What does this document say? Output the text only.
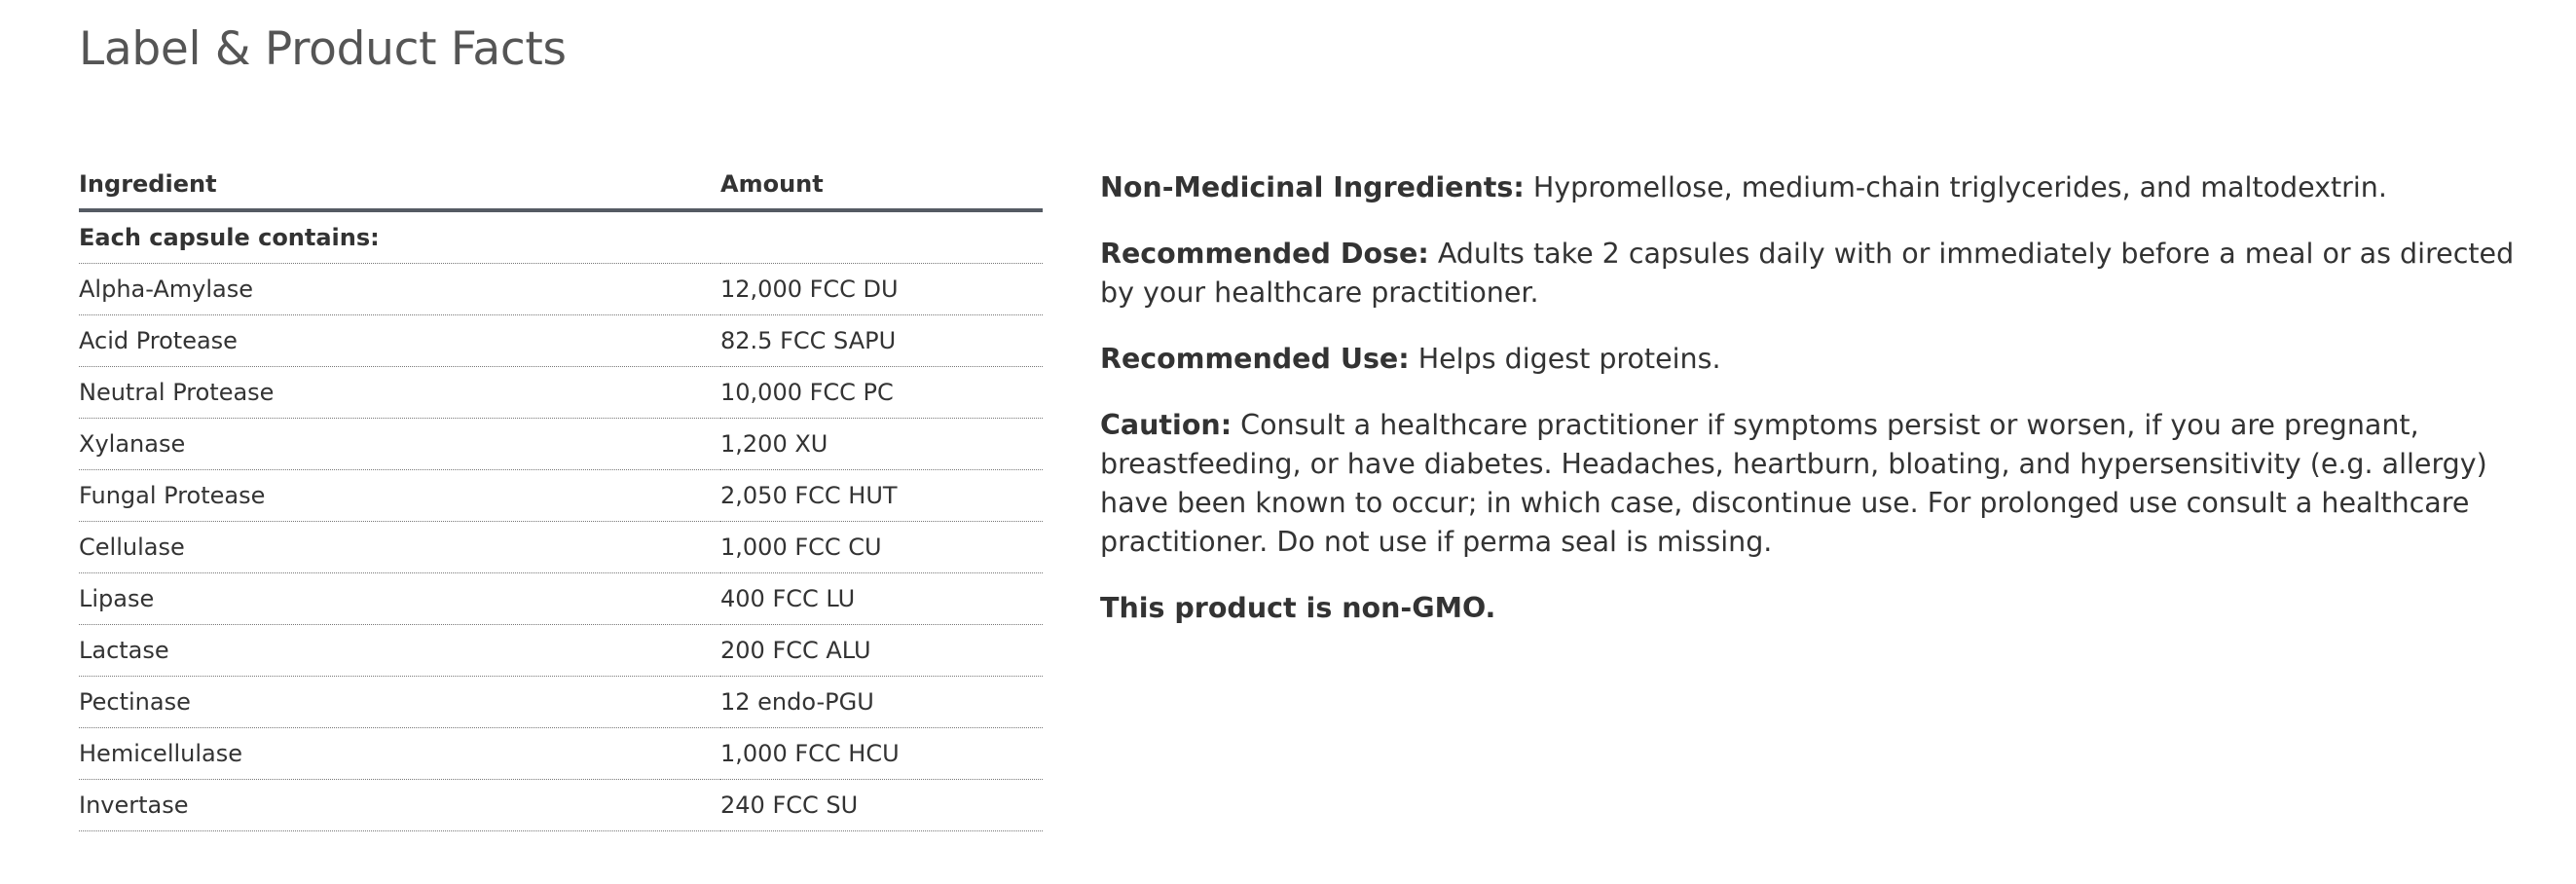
Label & Product Facts
Ingredient	Amount
Each capsule contains:	
Alpha-Amylase	12,000 FCC DU
Acid Protease	82.5 FCC SAPU
Neutral Protease	10,000 FCC PC
Xylanase	1,200 XU
Fungal Protease	2,050 FCC HUT
Cellulase	1,000 FCC CU
Lipase	400 FCC LU
Lactase	200 FCC ALU
Pectinase	12 endo-PGU
Hemicellulase	1,000 FCC HCU
Invertase	240 FCC SU

Non-Medicinal Ingredients: Hypromellose, medium-chain triglycerides, and maltodextrin.

Recommended Dose: Adults take 2 capsules daily with or immediately before a meal or as directed by your healthcare practitioner.

Recommended Use: Helps digest proteins.

Caution: Consult a healthcare practitioner if symptoms persist or worsen, if you are pregnant, breastfeeding, or have diabetes. Headaches, heartburn, bloating, and hypersensitivity (e.g. allergy) have been known to occur; in which case, discontinue use. For prolonged use consult a healthcare practitioner. Do not use if perma seal is missing.

This product is non-GMO.
